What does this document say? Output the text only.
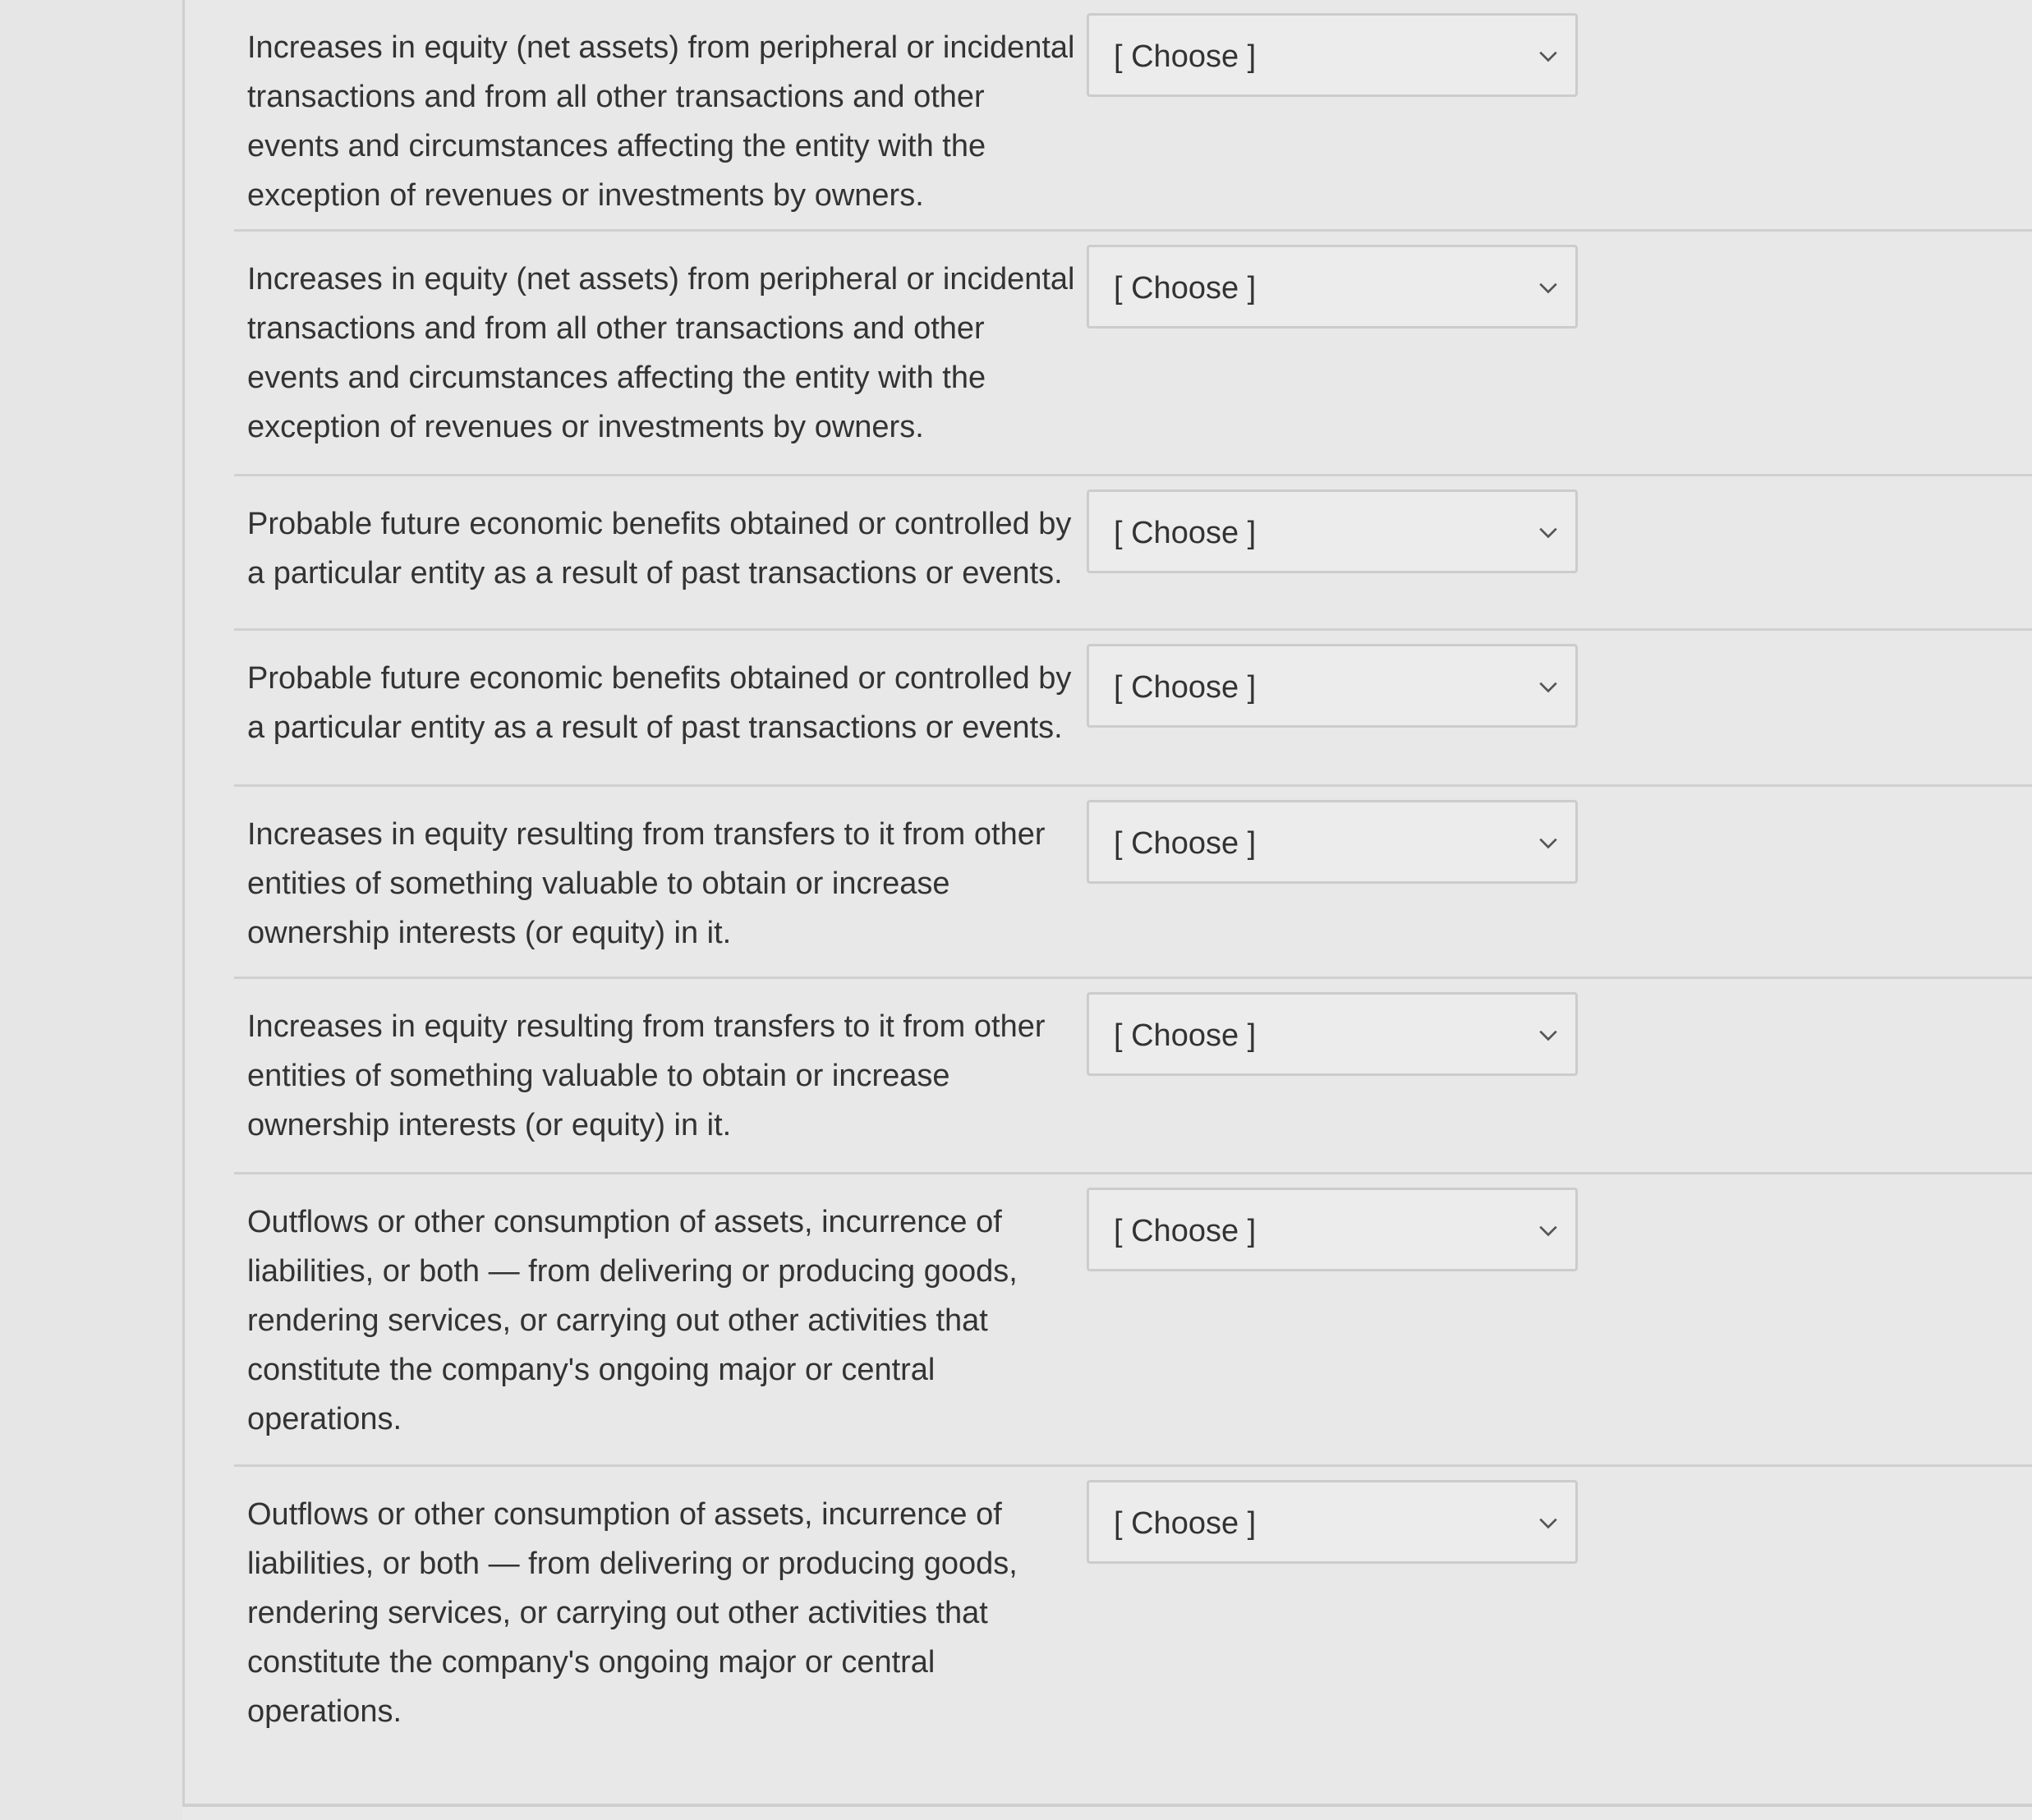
Increases in equity (net assets) from peripheral or incidental transactions and from all other transactions and other events and circumstances affecting the entity with the exception of revenues or investments by owners.
[ Choose ]
Increases in equity (net assets) from peripheral or incidental transactions and from all other transactions and other events and circumstances affecting the entity with the exception of revenues or investments by owners.
[ Choose ]
Probable future economic benefits obtained or controlled by a particular entity as a result of past transactions or events.
[ Choose ]
Probable future economic benefits obtained or controlled by a particular entity as a result of past transactions or events.
[ Choose ]
Increases in equity resulting from transfers to it from other entities of something valuable to obtain or increase ownership interests (or equity) in it.
[ Choose ]
Increases in equity resulting from transfers to it from other entities of something valuable to obtain or increase ownership interests (or equity) in it.
[ Choose ]
Outflows or other consumption of assets, incurrence of liabilities, or both — from delivering or producing goods, rendering services, or carrying out other activities that constitute the company's ongoing major or central operations.
[ Choose ]
Outflows or other consumption of assets, incurrence of liabilities, or both — from delivering or producing goods, rendering services, or carrying out other activities that constitute the company's ongoing major or central operations.
[ Choose ]
